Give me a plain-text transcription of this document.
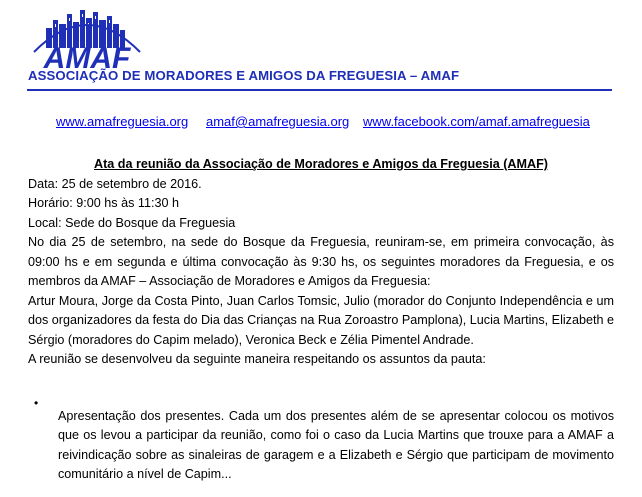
AMAF
ASSOCIAÇÃO DE MORADORES E AMIGOS DA FREGUESIA – AMAF
www.amafreguesia.org amaf@amafreguesia.org www.facebook.com/amaf.amafreguesia

Ata da reunião da Associação de Moradores e Amigos da Freguesia (AMAF)

Data: 25 de setembro de 2016.

Horário: 9:00 hs às 11:30 h

Local: Sede do Bosque da Freguesia

No dia 25 de setembro, na sede do Bosque da Freguesia, reuniram-se, em primeira convocação, às 09:00 hs e em segunda e última convocação às 9:30 hs, os seguintes moradores da Freguesia, e os membros da AMAF – Associação de Moradores e Amigos da Freguesia:

Artur Moura, Jorge da Costa Pinto, Juan Carlos Tomsic, Julio (morador do Conjunto Independência e um dos organizadores da festa do Dia das Crianças na Rua Zoroastro Pamplona), Lucia Martins, Elizabeth e Sérgio (moradores do Capim melado), Veronica Beck e Zélia Pimentel Andrade.

A reunião se desenvolveu da seguinte maneira respeitando os assuntos da pauta:

•

Apresentação dos presentes. Cada um dos presentes além de se apresentar colocou os motivos que os levou a participar da reunião, como foi o caso da Lucia Martins que trouxe para a AMAF a reivindicação sobre as sinaleiras de garagem e a Elizabeth e Sérgio que participam de movimento comunitário a nível de Capim...
